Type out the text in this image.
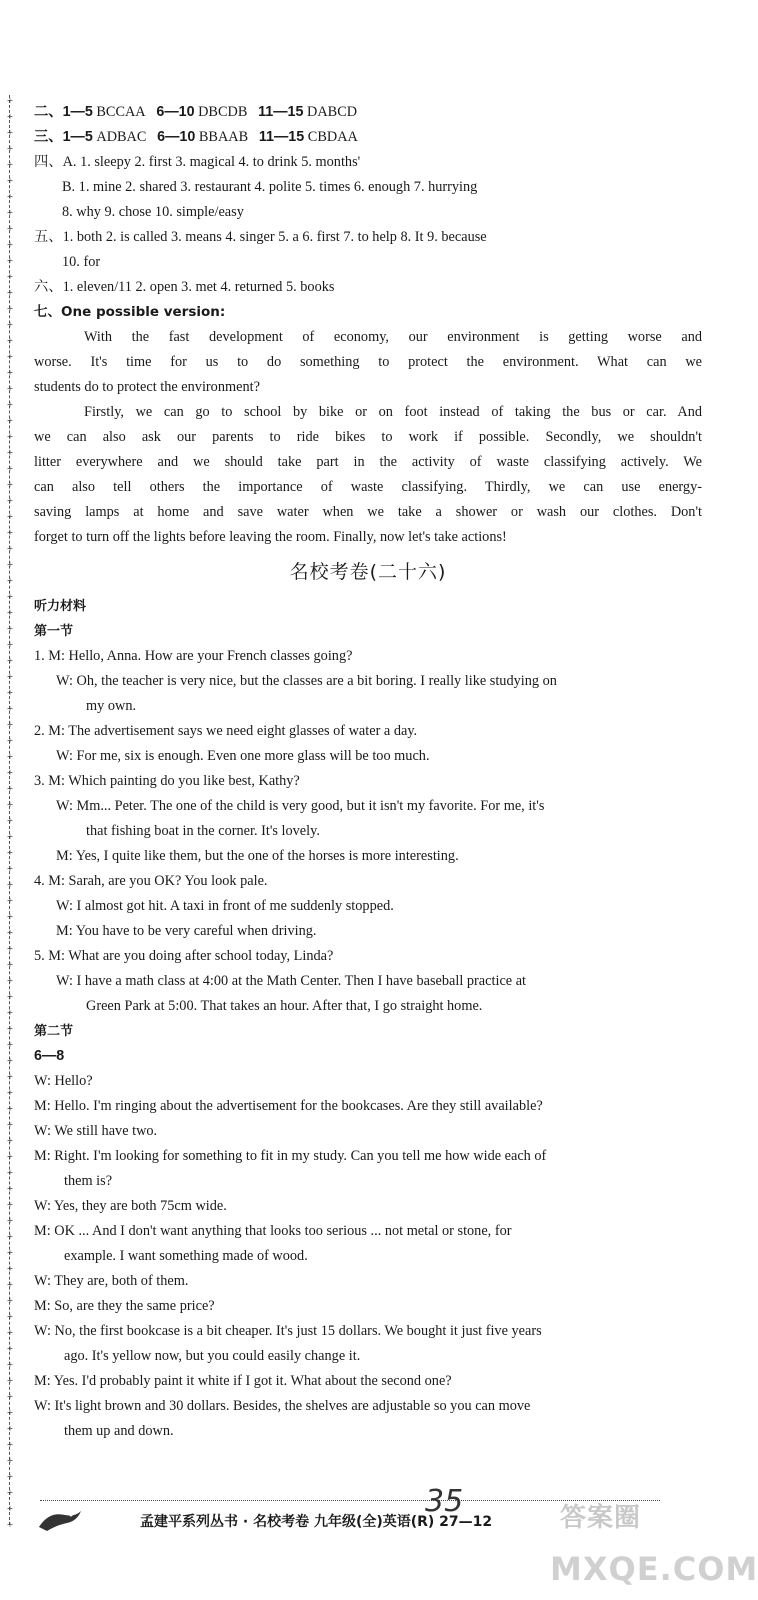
+
+
+
+
+
+
+
+
+
+
+
+
+
+
+
+
+
+
+
+
+
+
+
+
+
+
+
+
+
+
+
+
+
+
+
+
+
+
+
+
+
+
+
+
+
+
+
+
+
+
+
+
+
+
+
+
+
+
+
+
+
+
+
+
+
+
+
+
+
+
+
+
+
+
+
+
+
+
+
+
+
+
+
+
+
+
+
+
+
+
二、1—5 BCCAA 6—10 DBCDB 11—15 DABCD
三、1—5 ADBAC 6—10 BBAAB 11—15 CBDAA
四、A. 1. sleepy 2. first 3. magical 4. to drink 5. months'
B. 1. mine 2. shared 3. restaurant 4. polite 5. times 6. enough 7. hurrying
8. why 9. chose 10. simple/easy
五、1. both 2. is called 3. means 4. singer 5. a 6. first 7. to help 8. It 9. because
10. for
六、1. eleven/11 2. open 3. met 4. returned 5. books
七、One possible version:
With the fast development of economy, our environment is getting worse and
worse. It's time for us to do something to protect the environment. What can we
students do to protect the environment?
Firstly, we can go to school by bike or on foot instead of taking the bus or car. And
we can also ask our parents to ride bikes to work if possible. Secondly, we shouldn't
litter everywhere and we should take part in the activity of waste classifying actively. We
can also tell others the importance of waste classifying. Thirdly, we can use energy-
saving lamps at home and save water when we take a shower or wash our clothes. Don't
forget to turn off the lights before leaving the room. Finally, now let's take actions!
名校考卷(二十六)
听力材料
第一节
1. M: Hello, Anna. How are your French classes going?
W: Oh, the teacher is very nice, but the classes are a bit boring. I really like studying on
my own.
2. M: The advertisement says we need eight glasses of water a day.
W: For me, six is enough. Even one more glass will be too much.
3. M: Which painting do you like best, Kathy?
W: Mm... Peter. The one of the child is very good, but it isn't my favorite. For me, it's
that fishing boat in the corner. It's lovely.
M: Yes, I quite like them, but the one of the horses is more interesting.
4. M: Sarah, are you OK? You look pale.
W: I almost got hit. A taxi in front of me suddenly stopped.
M: You have to be very careful when driving.
5. M: What are you doing after school today, Linda?
W: I have a math class at 4:00 at the Math Center. Then I have baseball practice at
Green Park at 5:00. That takes an hour. After that, I go straight home.
第二节
6—8
W: Hello?
M: Hello. I'm ringing about the advertisement for the bookcases. Are they still available?
W: We still have two.
M: Right. I'm looking for something to fit in my study. Can you tell me how wide each of
them is?
W: Yes, they are both 75cm wide.
M: OK ... And I don't want anything that looks too serious ... not metal or stone, for
example. I want something made of wood.
W: They are, both of them.
M: So, are they the same price?
W: No, the first bookcase is a bit cheaper. It's just 15 dollars. We bought it just five years
ago. It's yellow now, but you could easily change it.
M: Yes. I'd probably paint it white if I got it. What about the second one?
W: It's light brown and 30 dollars. Besides, the shelves are adjustable so you can move
them up and down.
35
孟建平系列丛书 · 名校考卷 九年级(全)英语(R) 27—12	答案圈
MXQE.COM
